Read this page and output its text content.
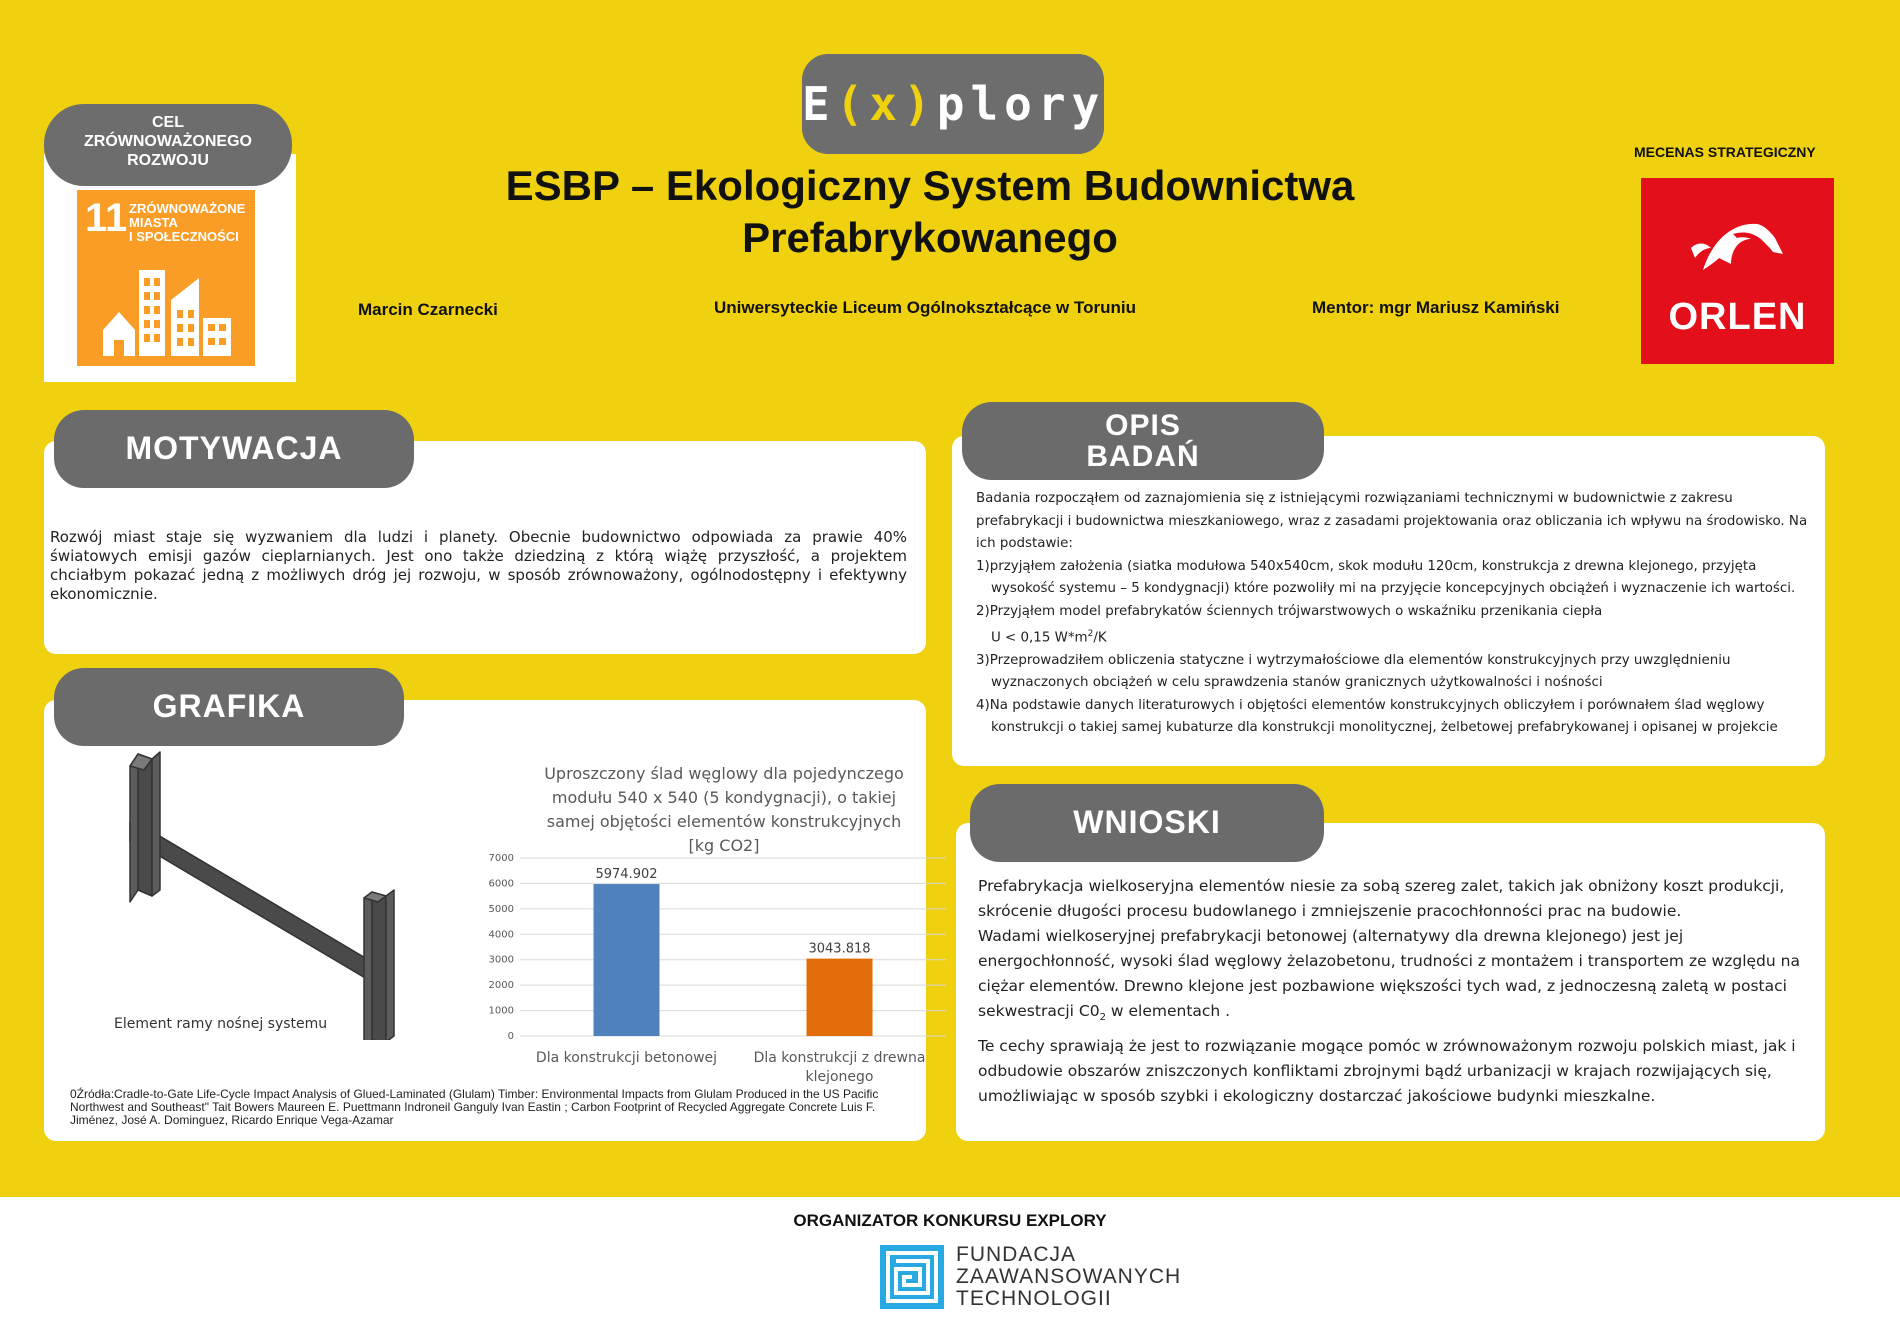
E(x)plory
ESBP – Ekologiczny System Budownictwa
Prefabrykowanego
Marcin Czarnecki	Uniwersyteckie Liceum Ogólnokształcące w Toruniu	Mentor: mgr Mariusz Kamiński
CEL
ZRÓWNOWAŻONEGO
ROZWOJU
11 ZRÓWNOWAŻONE
MIASTA
I SPOŁECZNOŚCI
MECENAS STRATEGICZNY
ORLEN
MOTYWACJA
Rozwój miast staje się wyzwaniem dla ludzi i planety. Obecnie budownictwo odpowiada za prawie 40% światowych emisji gazów cieplarnianych. Jest ono także dziedziną z którą wiążę przyszłość, a projektem chciałbym pokazać jedną z możliwych dróg jej rozwoju, w sposób zrównoważony, ogólnodostępny i efektywny ekonomicznie.
GRAFIKA
Element ramy nośnej systemu
Uproszczony ślad węglowy dla pojedynczego modułu 540 x 540 (5 kondygnacji), o takiej samej objętości elementów konstrukcyjnych [kg CO2]
0
1000
2000
3000
4000
5000
6000
7000
5974.902
Dla konstrukcji betonowej
3043.818
Dla konstrukcji z drewna
klejonego
0Źródła:Cradle-to-Gate Life-Cycle Impact Analysis of Glued-Laminated (Glulam) Timber: Environmental Impacts from Glulam Produced in the US Pacific Northwest and Southeast" Tait Bowers Maureen E. Puettmann Indroneil Ganguly Ivan Eastin ; Carbon Footprint of Recycled Aggregate Concrete Luis F. Jiménez, José A. Dominguez, Ricardo Enrique Vega-Azamar
OPIS
BADAŃ

Badania rozpocząłem od zaznajomienia się z istniejącymi rozwiązaniami technicznymi w budownictwie z zakresu prefabrykacji i budownictwa mieszkaniowego, wraz z zasadami projektowania oraz obliczania ich wpływu na środowisko. Na ich podstawie:

1)przyjąłem założenia (siatka modułowa 540x540cm, skok modułu 120cm, konstrukcja z drewna klejonego, przyjęta wysokość systemu – 5 kondygnacji) które pozwoliły mi na przyjęcie koncepcyjnych obciążeń i wyznaczenie ich wartości.

2)Przyjąłem model prefabrykatów ściennych trójwarstwowych o wskaźniku przenikania ciepła
U < 0,15 $W*m^2/K$

3)Przeprowadziłem obliczenia statyczne i wytrzymałościowe dla elementów konstrukcyjnych przy uwzględnieniu wyznaczonych obciążeń w celu sprawdzenia stanów granicznych użytkowalności i nośności

4)Na podstawie danych literaturowych i objętości elementów konstrukcyjnych obliczyłem i porównałem ślad węglowy konstrukcji o takiej samej kubaturze dla konstrukcji monolitycznej, żelbetowej prefabrykowanej i opisanej w projekcie

WNIOSKI

Prefabrykacja wielkoseryjna elementów niesie za sobą szereg zalet, takich jak obniżony koszt produkcji, skrócenie długości procesu budowlanego i zmniejszenie pracochłonności prac na budowie.

Wadami wielkoseryjnej prefabrykacji betonowej (alternatywy dla drewna klejonego) jest jej energochłonność, wysoki ślad węglowy żelazobetonu, trudności z montażem i transportem ze względu na ciężar elementów. Drewno klejone jest pozbawione większości tych wad, z jednoczesną zaletą w postaci sekwestracji $C0_2$ w elementach .

Te cechy sprawiają że jest to rozwiązanie mogące pomóc w zrównoważonym rozwoju polskich miast, jak i odbudowie obszarów zniszczonych konfliktami zbrojnymi bądź urbanizacji w krajach rozwijających się, umożliwiając w sposób szybki i ekologiczny dostarczać jakościowe budynki mieszkalne.

ORGANIZATOR KONKURSU EXPLORY
FUNDACJA
ZAAWANSOWANYCH
TECHNOLOGII
